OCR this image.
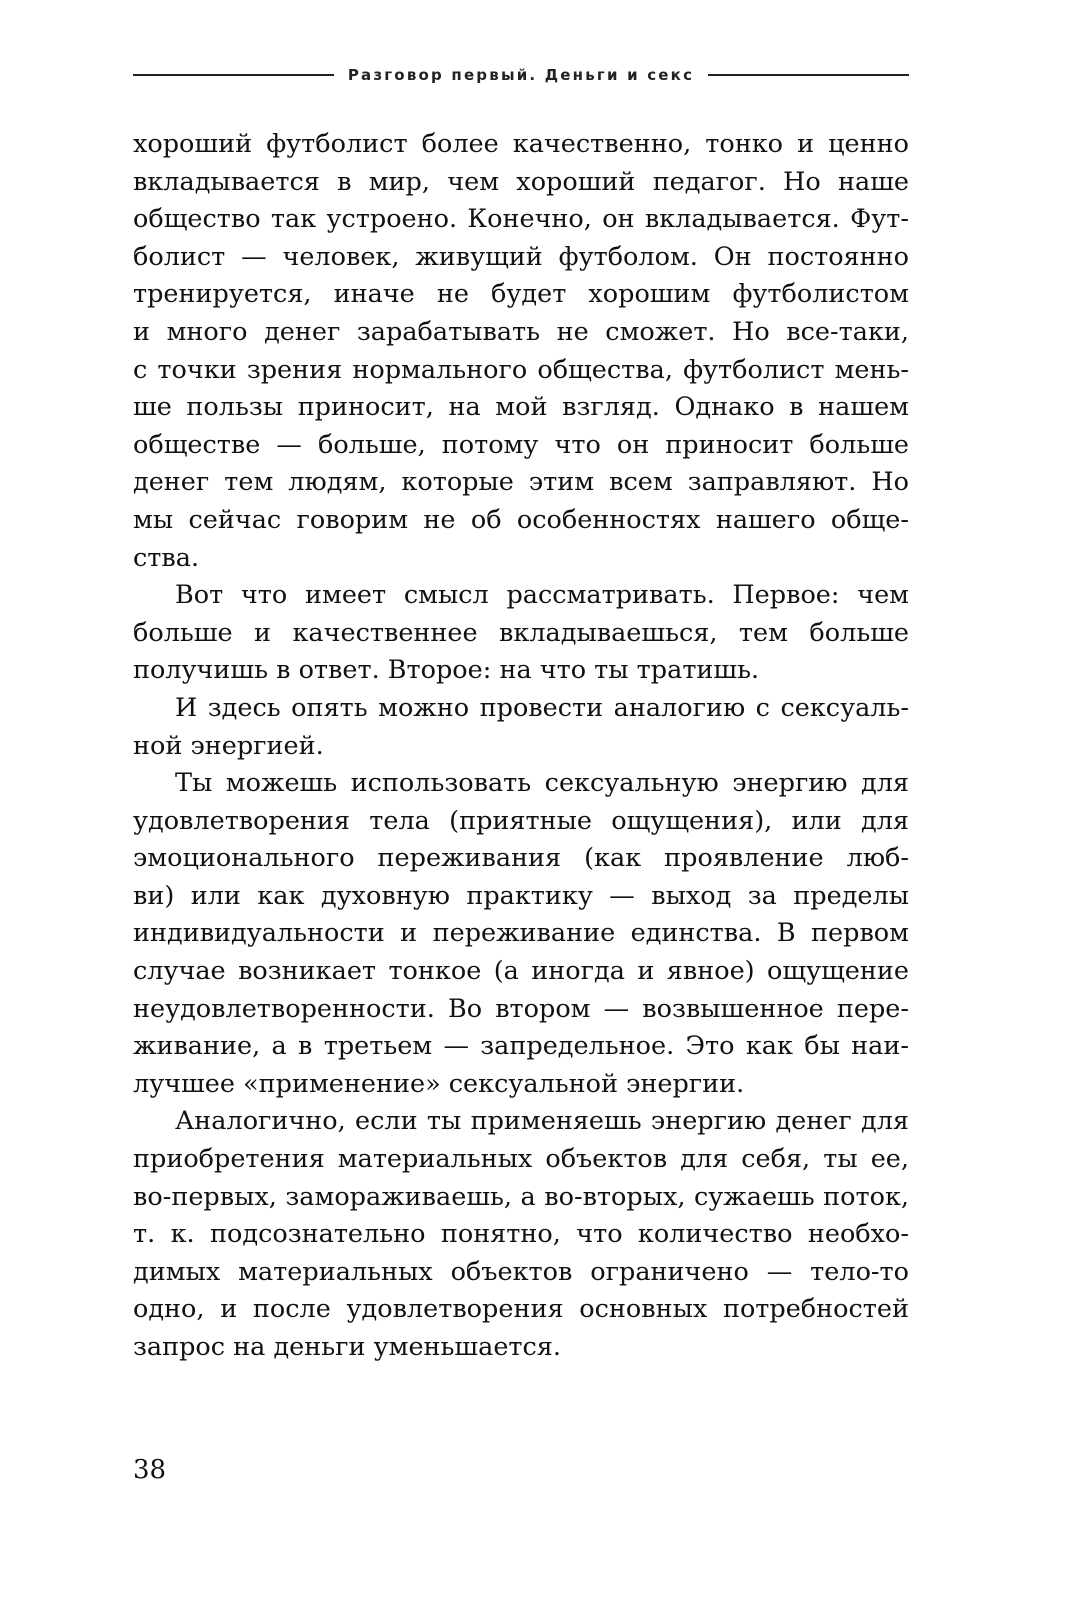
Разговор первый. Деньги и секс
хороший футболист более качественно, тонко и ценно
вкладывается в мир, чем хороший педагог. Но наше
общество так устроено. Конечно, он вкладывается. Фут-
болист — человек, живущий футболом. Он постоянно
тренируется, иначе не будет хорошим футболистом
и много денег зарабатывать не сможет. Но все-таки,
с точки зрения нормального общества, футболист мень-
ше пользы приносит, на мой взгляд. Однако в нашем
обществе — больше, потому что он приносит больше
денег тем людям, которые этим всем заправляют. Но
мы сейчас говорим не об особенностях нашего обще-
ства.
Вот что имеет смысл рассматривать. Первое: чем
больше и качественнее вкладываешься, тем больше
получишь в ответ. Второе: на что ты тратишь.
И здесь опять можно провести аналогию с сексуаль-
ной энергией.
Ты можешь использовать сексуальную энергию для
удовлетворения тела (приятные ощущения), или для
эмоционального переживания (как проявление люб-
ви) или как духовную практику — выход за пределы
индивидуальности и переживание единства. В первом
случае возникает тонкое (а иногда и явное) ощущение
неудовлетворенности. Во втором — возвышенное пере-
живание, а в третьем — запредельное. Это как бы наи-
лучшее «применение» сексуальной энергии.
Аналогично, если ты применяешь энергию денег для
приобретения материальных объектов для себя, ты ее,
во-первых, замораживаешь, а во-вторых, сужаешь поток,
т. к. подсознательно понятно, что количество необхо-
димых материальных объектов ограничено — тело-то
одно, и после удовлетворения основных потребностей
запрос на деньги уменьшается.
38
